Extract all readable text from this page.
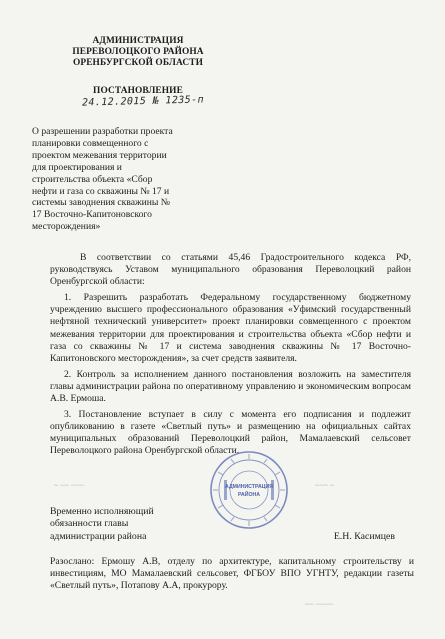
АДМИНИСТРАЦИЯ
ПЕРЕВОЛОЦКОГО РАЙОНА
ОРЕНБУРГСКОЙ ОБЛАСТИ
ПОСТАНОВЛЕНИЕ
24.12.2015 № 1235-п
О разрешении разработки проекта
планировки совмещенного с
проектом межевания территории
для проектирования и
строительства объекта «Сбор
нефти и газа со скважины № 17 и
системы заводнения скважины №
17 Восточно-Капитоновского
месторождения»

В соответствии со статьями 45,46 Градостроительного кодекса РФ, руководствуясь Уставом муниципального образования Переволоцкий район Оренбургской области:

1. Разрешить разработать Федеральному государственному бюджетному учреждению высшего профессионального образования «Уфимский государственный нефтяной технический университет» проект планировки совмещенного с проектом межевания территории для проектирования и строительства объекта «Сбор нефти и газа со скважины № 17 и система заводнения скважины № 17 Восточно-Капитоновского месторождения», за счет средств заявителя.

2. Контроль за исполнением данного постановления возложить на заместителя главы администрации района по оперативному управлению и экономическим вопросам А.В. Ермоша.

3. Постановление вступает в силу с момента его подписания и подлежит опубликованию в газете «Светлый путь» и размещению на официальных сайтах муниципальных образований Переволоцкий район, Мамалаевский сельсовет Переволоцкого района Оренбургской области.

~ ~~ ~~~	~~~ ~
~~ ~~~~
АДМИНИСТРАЦИЯ
РАЙОНА
Временно исполняющий
обязанности главы
администрации района	Е.Н. Касимцев

Разослано: Ермошу А.В, отделу по архитектуре, капитальному строительству и инвестициям, МО Мамалаевский сельсовет, ФГБОУ ВПО УГНТУ, редакции газеты «Светлый путь», Потапову А.А, прокурору.
